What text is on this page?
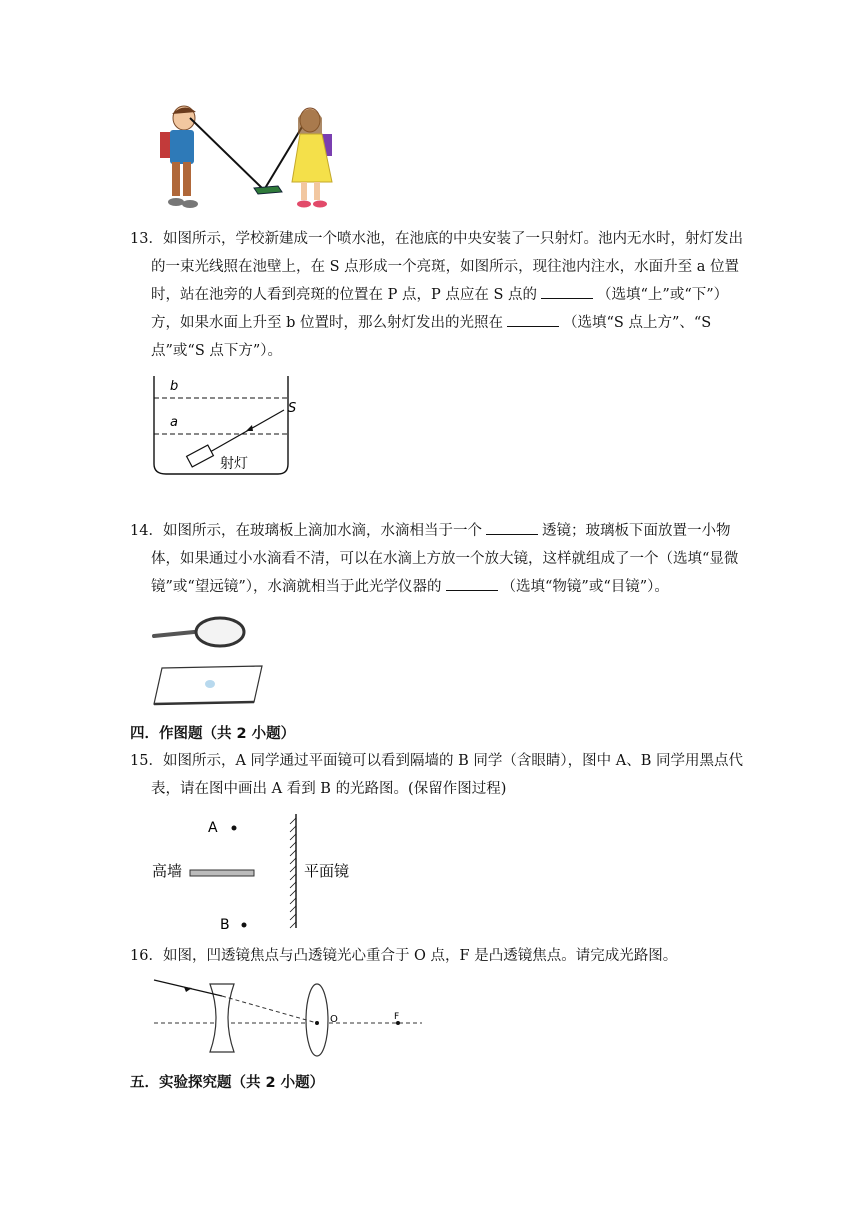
13．如图所示，学校新建成一个喷水池，在池底的中央安装了一只射灯。池内无水时，射灯发出的一束光线照在池壁上，在 S 点形成一个亮斑，如图所示，现往池内注水，水面升至 a 位置时，站在池旁的人看到亮斑的位置在 P 点，P 点应在 S 点的	（选填“上”或“下”）方，如果水面上升至 b 位置时，那么射灯发出的光照在	（选填“S 点上方”、“S 点”或“S 点下方”）。
b
a
S
射灯
14．如图所示，在玻璃板上滴加水滴，水滴相当于一个	透镜；玻璃板下面放置一小物体，如果通过小水滴看不清，可以在水滴上方放一个放大镜，这样就组成了一个（选填“显微镜”或“望远镜”），水滴就相当于此光学仪器的	（选填“物镜”或“目镜”）。
四．作图题（共 2 小题）
15．如图所示，A 同学通过平面镜可以看到隔墙的 B 同学（含眼睛），图中 A、B 同学用黑点代表，请在图中画出 A 看到 B 的光路图。(保留作图过程)
A
高墙
B
平面镜
16．如图，凹透镜焦点与凸透镜光心重合于 O 点，F 是凸透镜焦点。请完成光路图。
O	F
五．实验探究题（共 2 小题）
